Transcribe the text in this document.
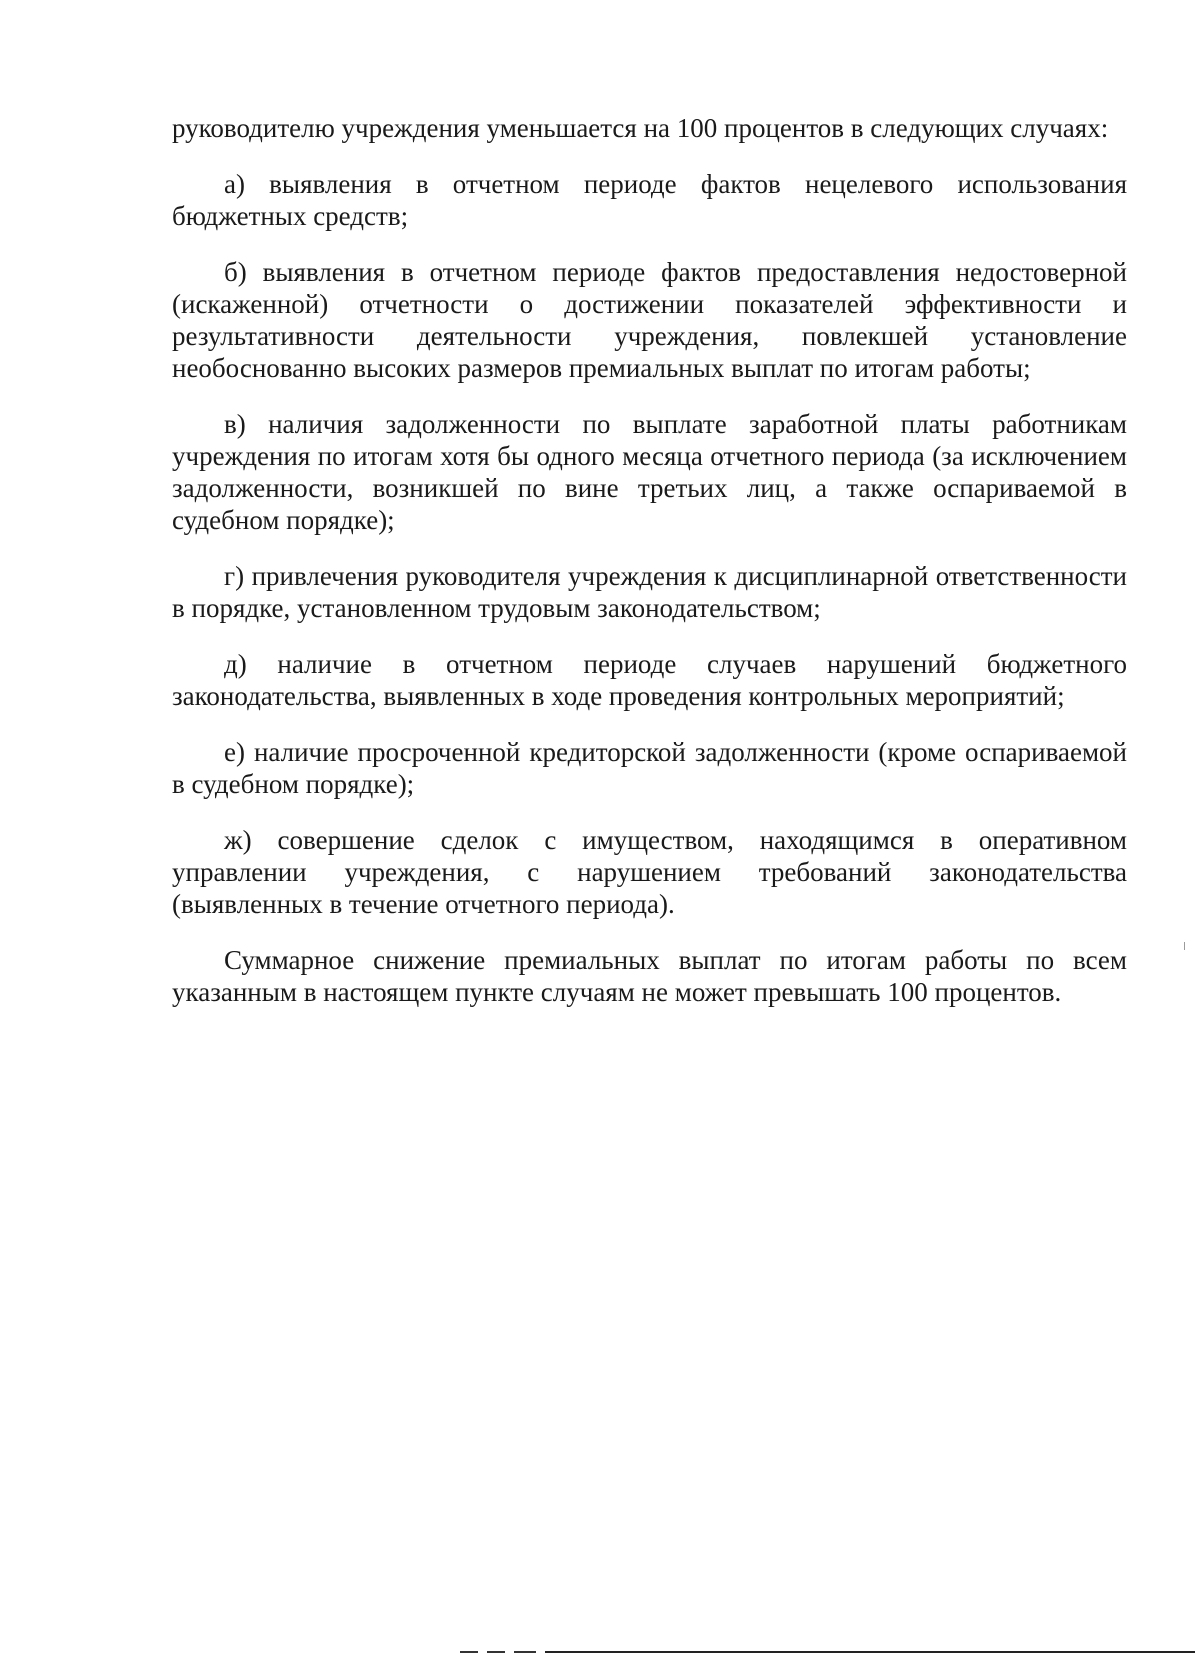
руководителю учреждения уменьшается на 100 процентов в следующих случаях:

а) выявления в отчетном периоде фактов нецелевого использования бюджетных средств;

б) выявления в отчетном периоде фактов предоставления недостоверной (искаженной) отчетности о достижении показателей эффективности и результативности деятельности учреждения, повлекшей установление необоснованно высоких размеров премиальных выплат по итогам работы;

в) наличия задолженности по выплате заработной платы работникам учреждения по итогам хотя бы одного месяца отчетного периода (за исключением задолженности, возникшей по вине третьих лиц, а также оспариваемой в судебном порядке);

г) привлечения руководителя учреждения к дисциплинарной ответственности в порядке, установленном трудовым законодательством;

д) наличие в отчетном периоде случаев нарушений бюджетного законодательства, выявленных в ходе проведения контрольных мероприятий;

е) наличие просроченной кредиторской задолженности (кроме оспариваемой в судебном порядке);

ж) совершение сделок с имуществом, находящимся в оперативном управлении учреждения, с нарушением требований законодательства (выявленных в течение отчетного периода).

Суммарное снижение премиальных выплат по итогам работы по всем указанным в настоящем пункте случаям не может превышать 100 процентов.
